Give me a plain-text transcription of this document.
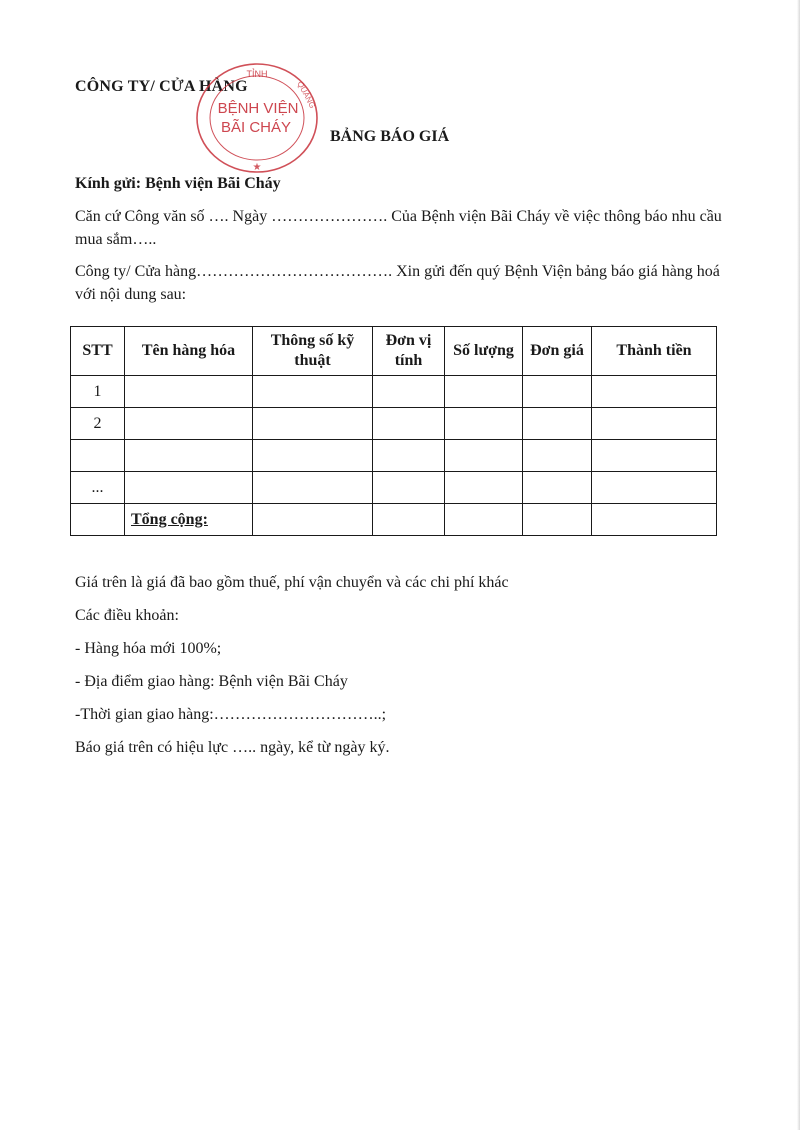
CÔNG TY/ CỬA HÀNG
TỈNH
QUẢNG
BỆNH VIỆN
BÃI CHÁY
★
BẢNG BÁO GIÁ
Kính gửi: Bệnh viện Bãi Cháy
Căn cứ Công văn số …. Ngày …………………. Của Bệnh viện Bãi Cháy về việc thông báo nhu cầu mua sắm…..
Công ty/ Cửa hàng………………………………. Xin gửi đến quý Bệnh Viện bảng báo giá hàng hoá với nội dung sau:
STT	Tên hàng hóa	Thông số kỹ thuật	Đơn vị tính	Số lượng	Đơn giá	Thành tiền
1						
2						

...						
	Tổng cộng:					
Giá trên là giá đã bao gồm thuế, phí vận chuyển và các chi phí khác
Các điều khoản:
- Hàng hóa mới 100%;
- Địa điểm giao hàng: Bệnh viện Bãi Cháy
-Thời gian giao hàng:…………………………..;
Báo giá trên có hiệu lực ….. ngày, kể từ ngày ký.
